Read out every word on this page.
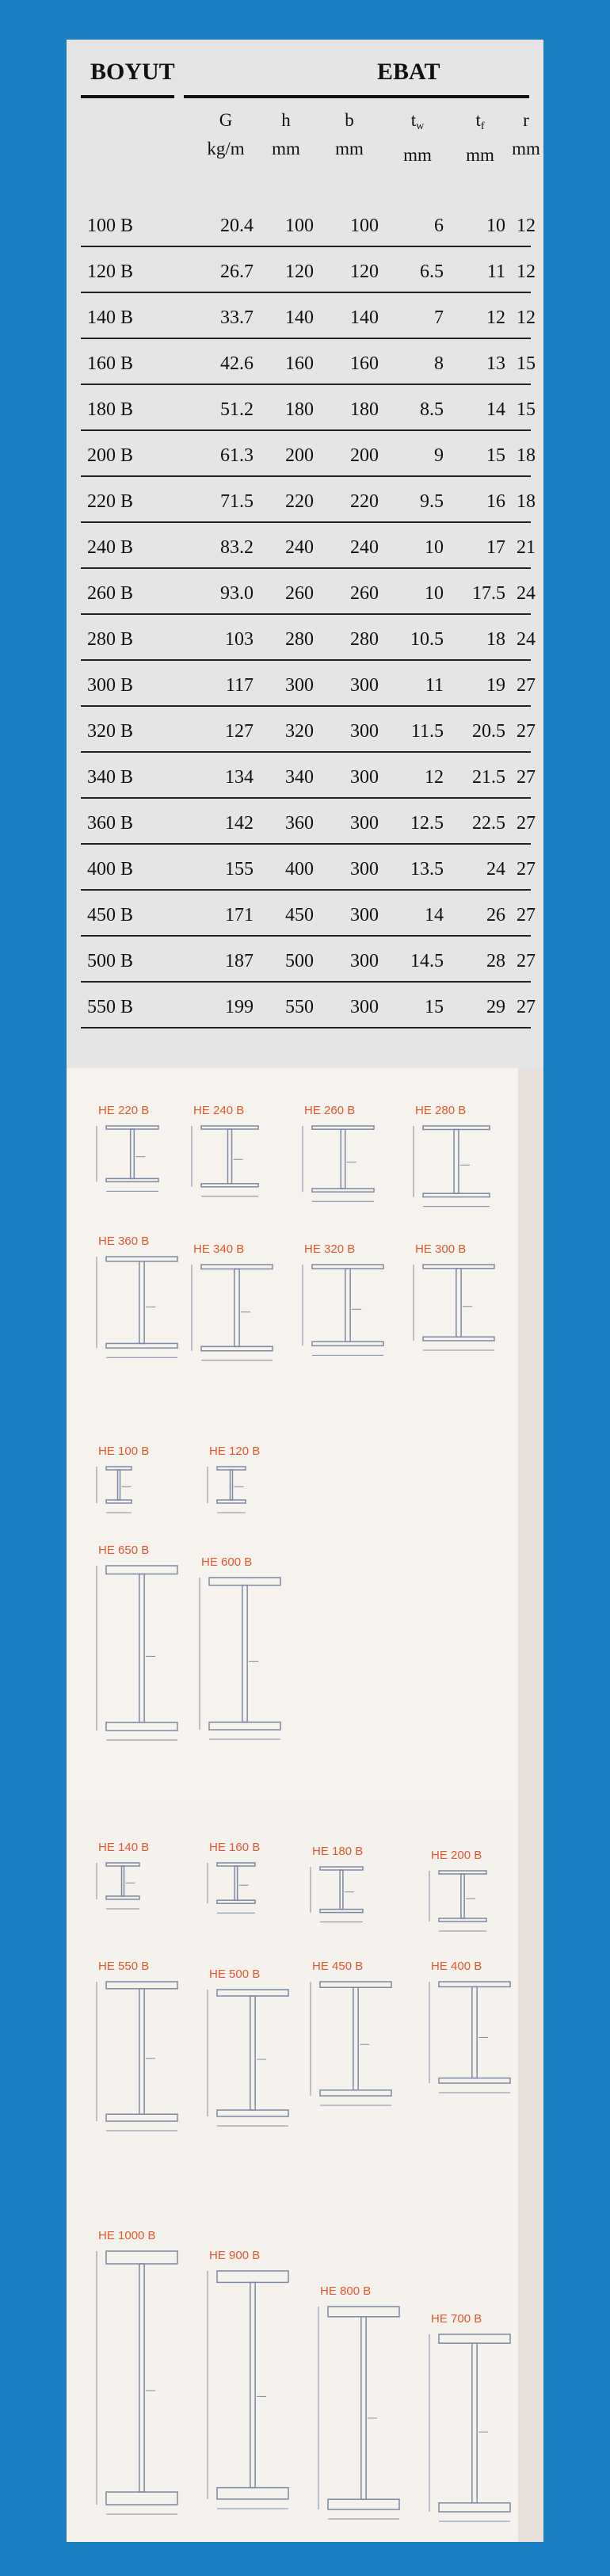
BOYUT	EBAT
G
kg/m
h
mm
b
mm
$t_w$
mm
$t_f$
mm
r
mm
100 B	20.4	100	100	6	10 12
120 B	26.7	120	120	6.5	11 12
140 B	33.7	140	140	7	12 12
160 B	42.6	160	160	8	13 15
180 B	51.2	180	180	8.5	14 15
200 B	61.3	200	200	9	15 18
220 B	71.5	220	220	9.5	16 18
240 B	83.2	240	240	10	17 21
260 B	93.0	260	260	10	17.5 24
280 B	103	280	280	10.5	18 24
300 B	117	300	300	11	19 27
320 B	127	320	300	11.5	20.5 27
340 B	134	340	300	12	21.5 27
360 B	142	360	300	12.5	22.5 27
400 B	155	400	300	13.5	24 27
450 B	171	450	300	14	26 27
500 B	187	500	300	14.5	28 27
550 B	199	550	300	15	29 27
HE 220 B	HE 240 B	HE 260 B	HE 280 B
HE 360 B
HE 340 B	HE 320 B	HE 300 B
HE 100 B	HE 120 B
HE 650 B
HE 600 B
HE 140 B	HE 160 B	HE 180 B	HE 200 B
HE 550 B
HE 500 B
HE 450 B	HE 400 B
HE 1000 B
HE 900 B
HE 800 B
HE 700 B
